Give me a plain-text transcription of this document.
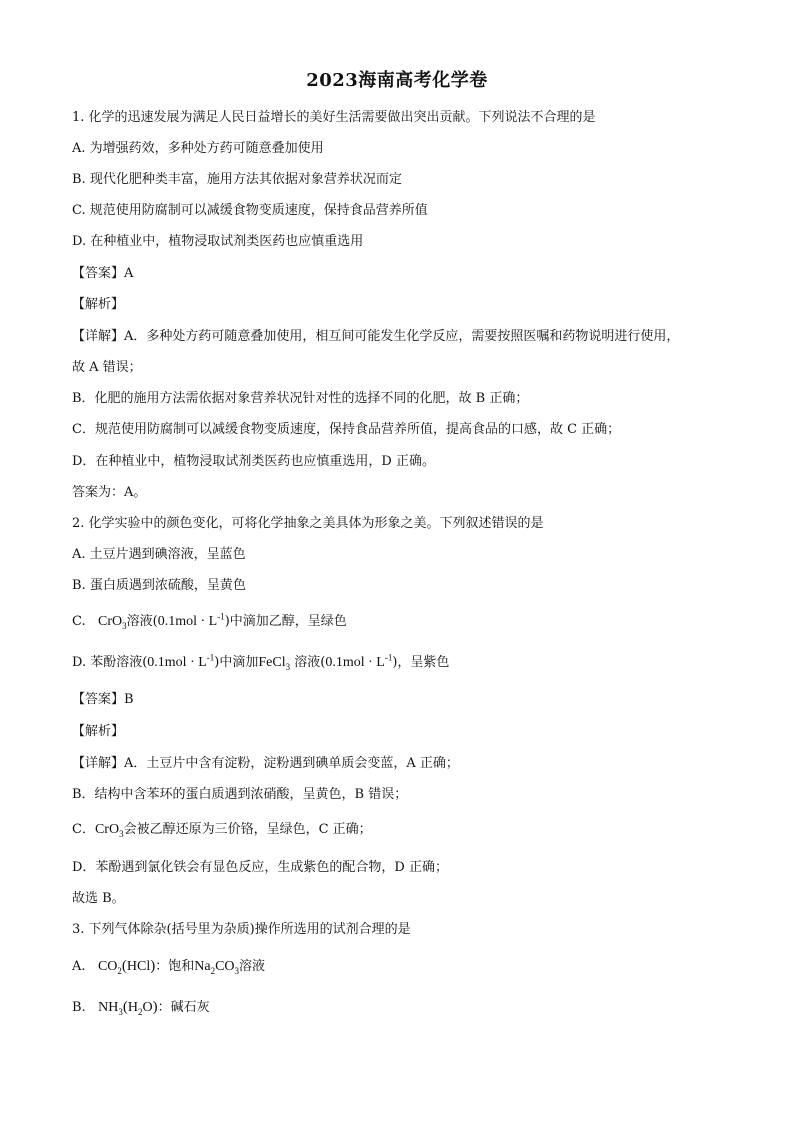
2023海南高考化学卷
1. 化学的迅速发展为满足人民日益增长的美好生活需要做出突出贡献。下列说法不合理的是
A. 为增强药效，多种处方药可随意叠加使用
B. 现代化肥种类丰富，施用方法其依据对象营养状况而定
C. 规范使用防腐制可以减缓食物变质速度，保持食品营养所值
D. 在种植业中，植物浸取试剂类医药也应慎重选用
【答案】A
【解析】
【详解】A．多种处方药可随意叠加使用，相互间可能发生化学反应，需要按照医嘱和药物说明进行使用，
故 A 错误；
B．化肥的施用方法需依据对象营养状况针对性的选择不同的化肥，故 B 正确；
C．规范使用防腐制可以减缓食物变质速度，保持食品营养所值，提高食品的口感，故 C 正确；
D．在种植业中，植物浸取试剂类医药也应慎重选用，D 正确。
答案为：A。
2. 化学实验中的颜色变化，可将化学抽象之美具体为形象之美。下列叙述错误的是
A. 土豆片遇到碘溶液，呈蓝色
B. 蛋白质遇到浓硫酸，呈黄色
C. CrO$_3$溶液$(0.1mol \cdot L^{-1})$中滴加乙醇，呈绿色
D. 苯酚溶液$(0.1mol \cdot L^{-1})$中滴加FeCl$_3$ 溶液$(0.1mol \cdot L^{-1})$，呈紫色
【答案】B
【解析】
【详解】A．土豆片中含有淀粉，淀粉遇到碘单质会变蓝，A 正确；
B．结构中含苯环的蛋白质遇到浓硝酸，呈黄色，B 错误；
C．CrO$_3$会被乙醇还原为三价铬，呈绿色，C 正确；
D．苯酚遇到氯化铁会有显色反应，生成紫色的配合物，D 正确；
故选 B。
3. 下列气体除杂(括号里为杂质)操作所选用的试剂合理的是
A. $CO_2(HCl)$：饱和$Na_2CO_3$溶液
B. $NH_3(H_2O)$：碱石灰
